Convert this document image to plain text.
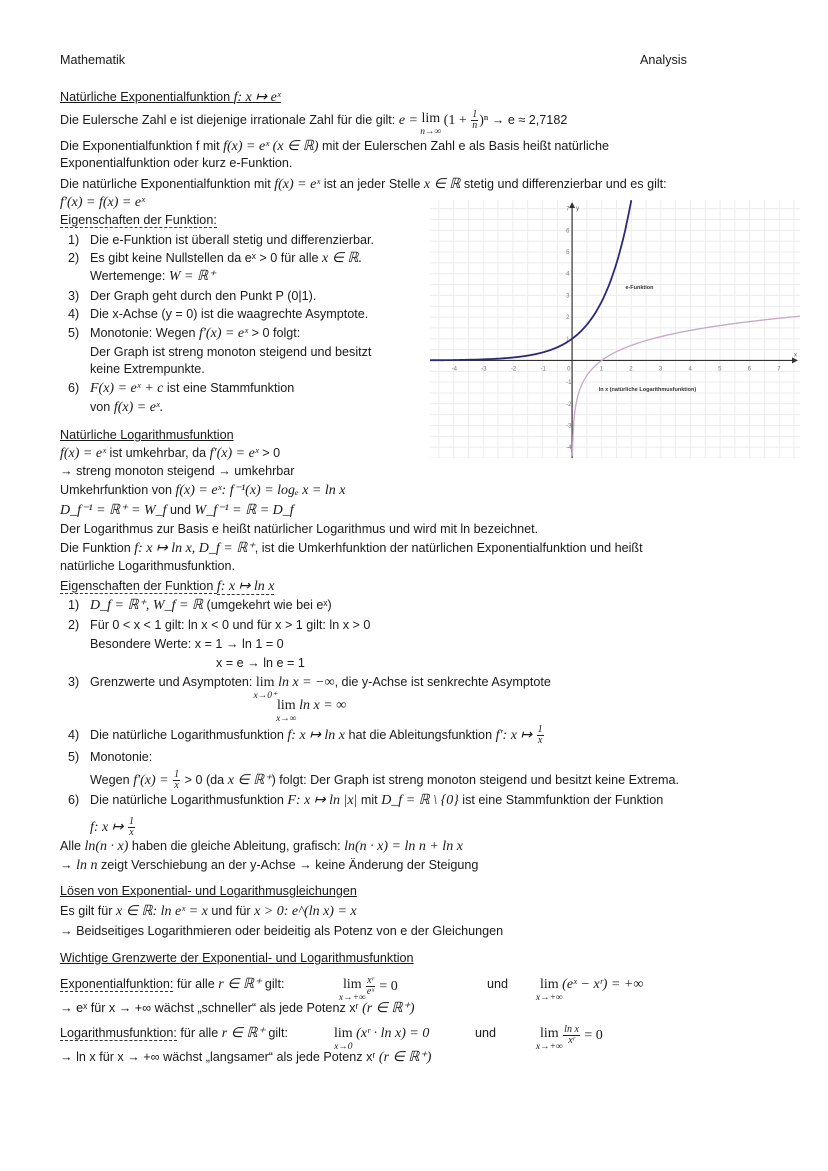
Mathematik	Analysis
Natürliche Exponentialfunktion f: x ↦ eˣ
Die Eulersche Zahl e ist diejenige irrationale Zahl für die gilt: e = lim
n→∞
$(1 + \frac{1}{n} )^n \to e \approx 2,7182$
Die Exponentialfunktion f mit f(x) = eˣ (x ∈ ℝ) mit der Eulerschen Zahl e als Basis heißt natürliche
Exponentialfunktion oder kurz e-Funktion.
Die natürliche Exponentialfunktion mit f(x) = eˣ ist an jeder Stelle x ∈ ℝ stetig und differenzierbar und es gilt:
f′(x) = f(x) = eˣ
Eigenschaften der Funktion:
1) Die e-Funktion ist überall stetig und differenzierbar.
2) Es gibt keine Nullstellen da eˣ > 0 für alle x ∈ ℝ.
Wertemenge: W = ℝ⁺
3) Der Graph geht durch den Punkt P (0|1).
4) Die x-Achse (y = 0) ist die waagrechte Asymptote.
5) Monotonie: Wegen f′(x) = eˣ > 0 folgt:
Der Graph ist streng monoton steigend und besitzt
keine Extrempunkte.
6) F(x) = eˣ + c ist eine Stammfunktion
von f(x) = eˣ.
-4	-3	-2	-1	0	1	2	3	4	5	6	7
7
6
5
4
3
2
1
-1
-2
-3
-4
x
y
e-Funktion
ln x (natürliche Logarithmusfunktion)
Natürliche Logarithmusfunktion
f(x) = eˣ ist umkehrbar, da f′(x) = eˣ > 0
→ streng monoton steigend → umkehrbar
Umkehrfunktion von f(x) = eˣ: f⁻¹(x) = logₑ x = ln x
D_f⁻¹ = ℝ⁺ = W_f und W_f⁻¹ = ℝ = D_f
Der Logarithmus zur Basis e heißt natürlicher Logarithmus und wird mit ln bezeichnet.
Die Funktion f: x ↦ ln x, D_f = ℝ⁺, ist die Umkerhfunktion der natürlichen Exponentialfunktion und heißt
natürliche Logarithmusfunktion.
Eigenschaften der Funktion f: x ↦ ln x
1) D_f = ℝ⁺, W_f = ℝ (umgekehrt wie bei eˣ)
2) Für 0 < x < 1 gilt: ln x < 0 und für x > 1 gilt: ln x > 0
Besondere Werte: x = 1 → ln 1 = 0
x = e → ln e = 1
3) Grenzwerte und Asymptoten: lim
x→0⁺
ln x = −∞, die y-Achse ist senkrechte Asymptote
lim
x→∞
ln x = ∞
4) Die natürliche Logarithmusfunktion f: x ↦ ln x hat die Ableitungsfunktion f′: x ↦ $\frac{1}{x}$
5) Monotonie:
Wegen $f'(x) = \frac{1}{x} > 0$ (da x ∈ ℝ⁺) folgt: Der Graph ist streng monoton steigend und besitzt keine Extrema.
6) Die natürliche Logarithmusfunktion F: x ↦ ln |x| mit D_f = ℝ \ {0} ist eine Stammfunktion der Funktion
f: x ↦ $\frac{1}{x}$
Alle ln(n · x) haben die gleiche Ableitung, grafisch: ln(n · x) = ln n + ln x
→ ln n zeigt Verschiebung an der y-Achse → keine Änderung der Steigung
Lösen von Exponential- und Logarithmusgleichungen
Es gilt für x ∈ ℝ: ln eˣ = x und für x > 0: e^(ln x) = x
→ Beidseitiges Logarithmieren oder beideitig als Potenz von e der Gleichungen
Wichtige Grenzwerte der Exponential- und Logarithmusfunktion
Exponentialfunktion: für alle r ∈ ℝ⁺ gilt:	lim
x→+∞

$\frac{\text{xʳ}}{\text{eˣ}} = 0$	und lim
x→+∞
(eˣ − xʳ) = +∞
→ eˣ für x → +∞ wächst „schneller“ als jede Potenz xʳ (r ∈ ℝ⁺)
Logarithmusfunktion: für alle r ∈ ℝ⁺ gilt:	lim
x→0
(xʳ · ln x) = 0	und	lim
x→+∞

$\frac{\text{ln x}}{\text{xʳ}} = 0$
→ ln x für x → +∞ wächst „langsamer“ als jede Potenz xʳ (r ∈ ℝ⁺)
